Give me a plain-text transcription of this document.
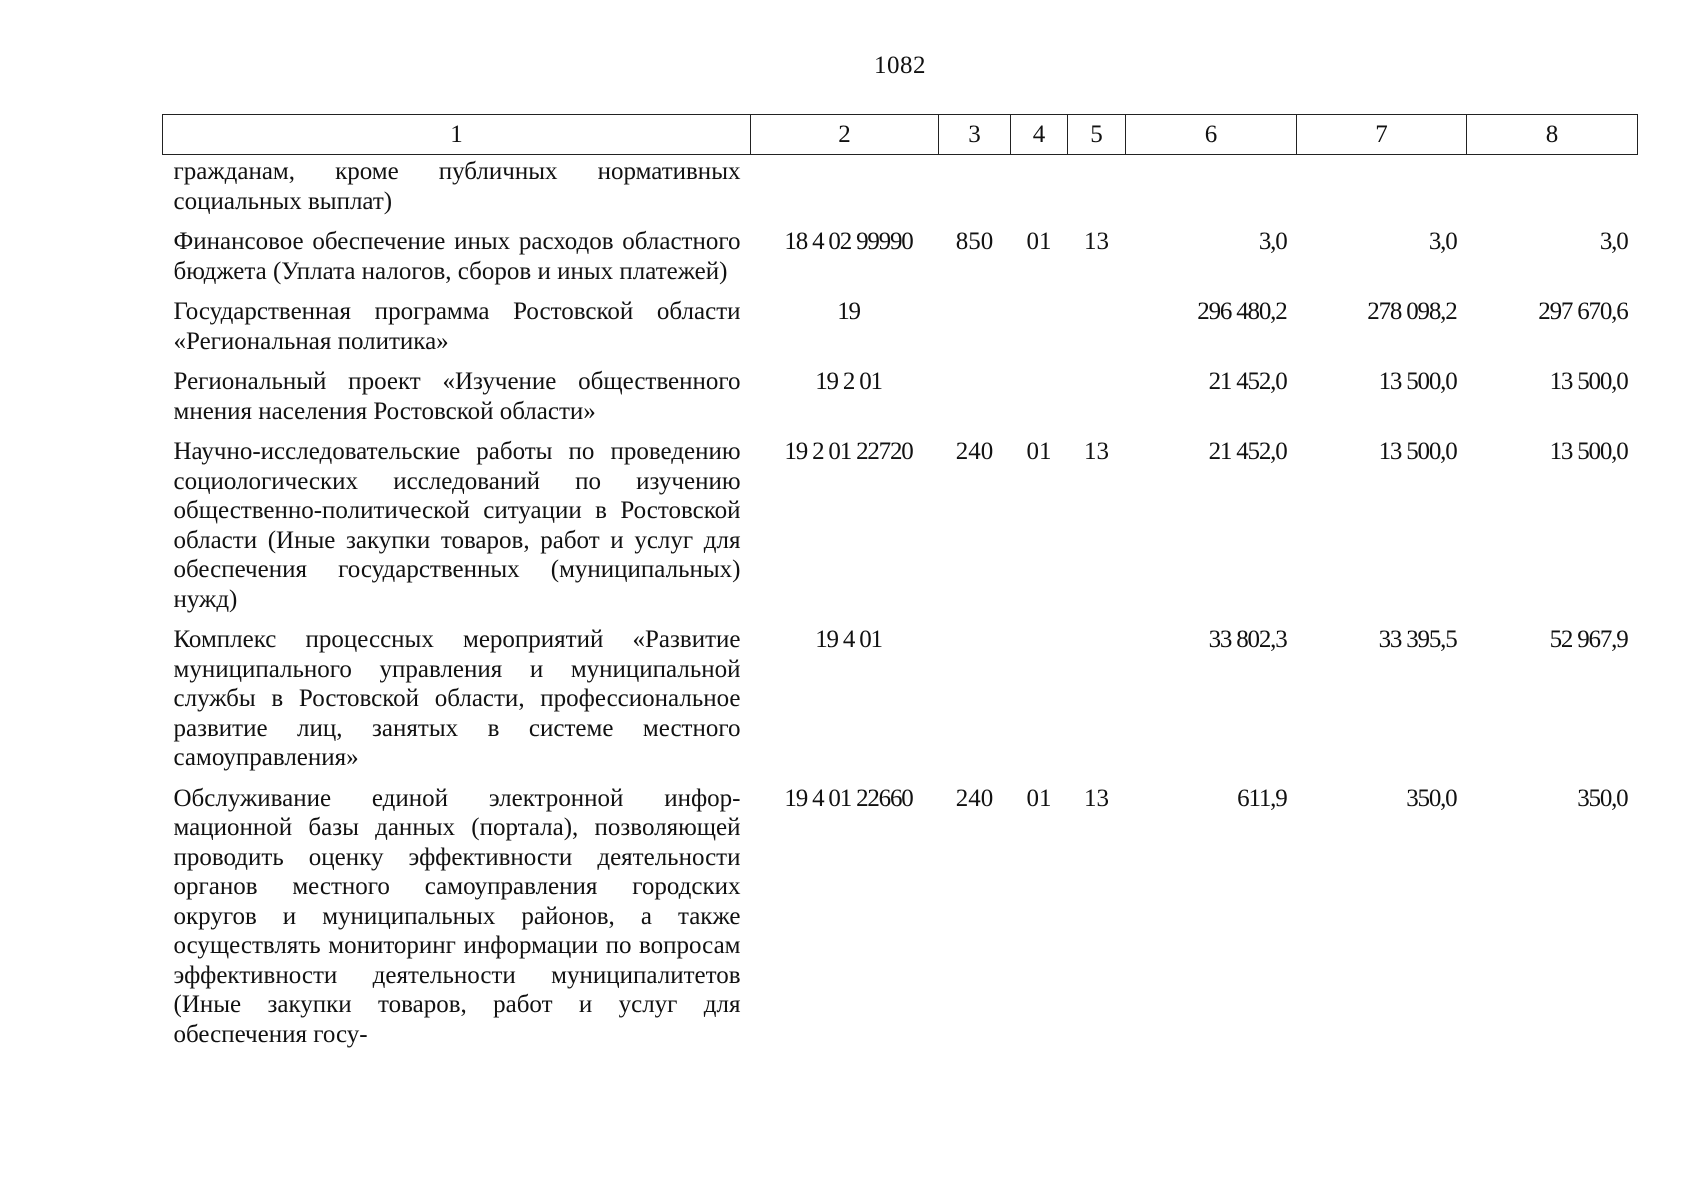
1082
1	2	3	4	5	6	7	8
гражданам, кроме публичных нормативных социальных выплат)							
Финансовое обеспечение иных расходов областного бюджета (Уплата налогов, сборов и иных платежей)	18 4 02 99990	850	01	13	3,0	3,0	3,0
Государственная программа Ростовской области «Региональная политика»	19				296 480,2	278 098,2	297 670,6
Региональный проект «Изучение общественного мнения населения Ростовской области»	19 2 01				21 452,0	13 500,0	13 500,0
Научно-исследовательские работы по проведению социологических исследований по изучению общественно-политической ситуации в Ростовской области (Иные закупки товаров, работ и услуг для обеспечения государственных (муниципальных) нужд)	19 2 01 22720	240	01	13	21 452,0	13 500,0	13 500,0
Комплекс процессных мероприятий «Развитие муниципального управления и муниципальной службы в Ростовской области, профессиональное развитие лиц, занятых в системе местного самоуправления»	19 4 01				33 802,3	33 395,5	52 967,9
Обслуживание единой электронной информационной базы данных (портала), позволяющей проводить оценку эффективности деятельности органов местного самоуправления городских округов и муниципальных районов, а также осуществлять мониторинг информации по вопросам эффективности деятельности муниципалитетов (Иные закупки товаров, работ и услуг для обеспечения госу-	19 4 01 22660	240	01	13	611,9	350,0	350,0
